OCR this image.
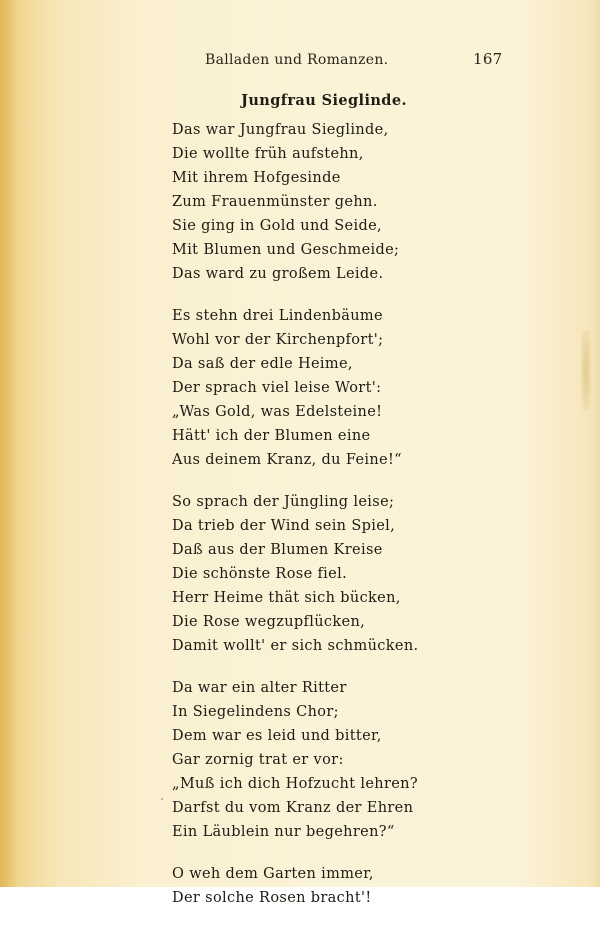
Balladen und Romanzen.	167
Jungfrau Sieglinde.
Das war Jungfrau Sieglinde,
Die wollte früh aufstehn,
Mit ihrem Hofgesinde
Zum Frauenmünster gehn.
Sie ging in Gold und Seide,
Mit Blumen und Geschmeide;
Das ward zu großem Leide.
Es stehn drei Lindenbäume
Wohl vor der Kirchenpfort';
Da saß der edle Heime,
Der sprach viel leise Wort':
„Was Gold, was Edelsteine!
Hätt' ich der Blumen eine
Aus deinem Kranz, du Feine!“
So sprach der Jüngling leise;
Da trieb der Wind sein Spiel,
Daß aus der Blumen Kreise
Die schönste Rose fiel.
Herr Heime thät sich bücken,
Die Rose wegzupflücken,
Damit wollt' er sich schmücken.
Da war ein alter Ritter
In Siegelindens Chor;
Dem war es leid und bitter,
Gar zornig trat er vor:
„Muß ich dich Hofzucht lehren?
Darfst du vom Kranz der Ehren
Ein Läublein nur begehren?“
O weh dem Garten immer,
Der solche Rosen bracht'!
